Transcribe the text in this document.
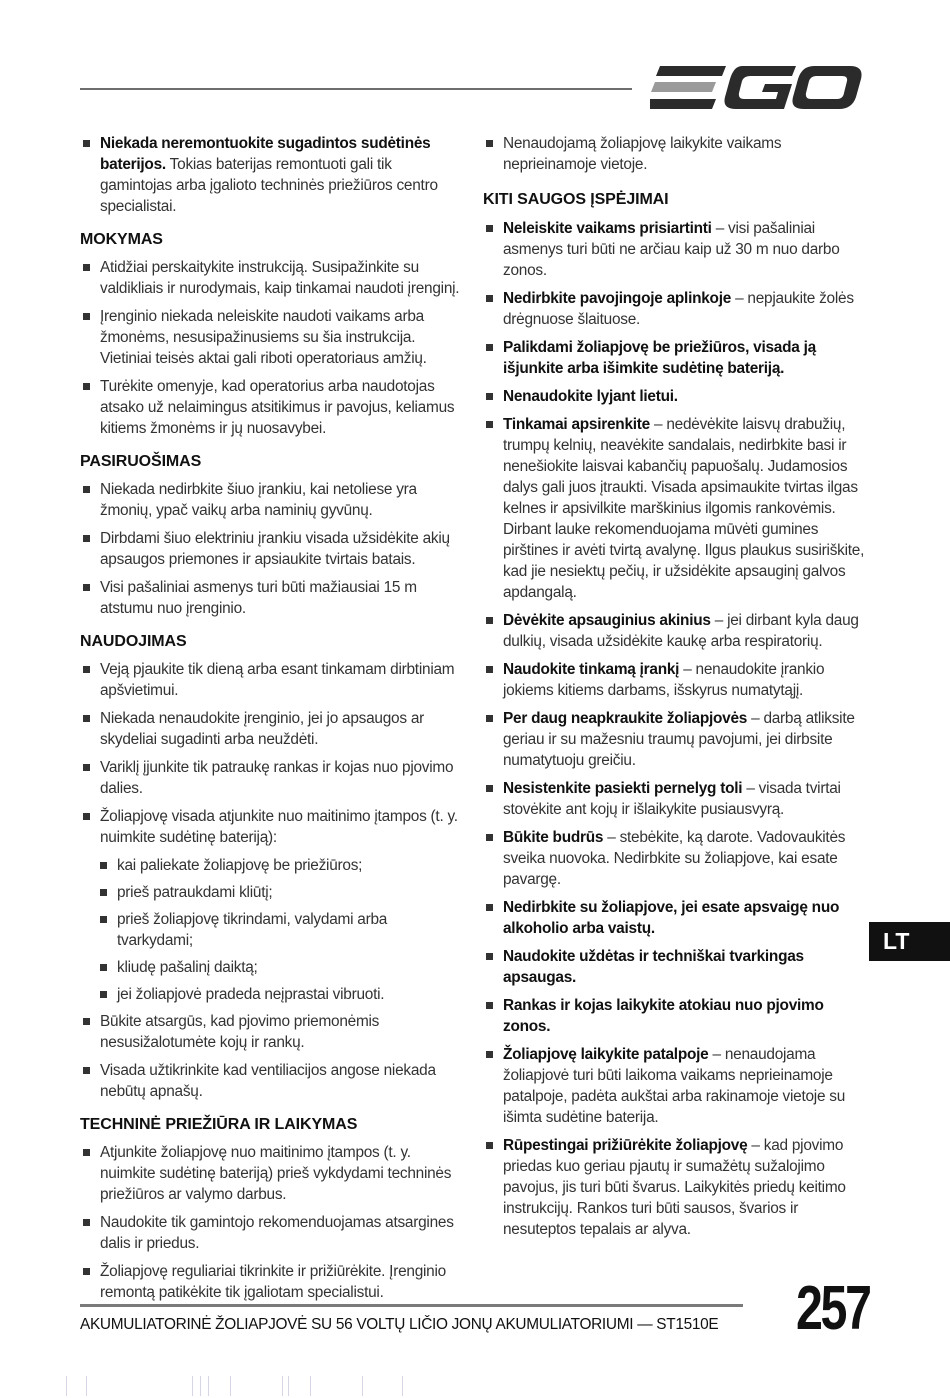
Niekada neremontuokite sugadintos sudėtinės baterijos. Tokias baterijas remontuoti gali tik gamintojas arba įgalioto techninės priežiūros centro specialistai.
MOKYMAS
Atidžiai perskaitykite instrukciją. Susipažinkite su valdikliais ir nurodymais, kaip tinkamai naudoti įrenginį.
Įrenginio niekada neleiskite naudoti vaikams arba žmonėms, nesusipažinusiems su šia instrukcija. Vietiniai teisės aktai gali riboti operatoriaus amžių.
Turėkite omenyje, kad operatorius arba naudotojas atsako už nelaimingus atsitikimus ir pavojus, keliamus kitiems žmonėms ir jų nuosavybei.
PASIRUOŠIMAS
Niekada nedirbkite šiuo įrankiu, kai netoliese yra žmonių, ypač vaikų arba naminių gyvūnų.
Dirbdami šiuo elektriniu įrankiu visada užsidėkite akių apsaugos priemones ir apsiaukite tvirtais batais.
Visi pašaliniai asmenys turi būti mažiausiai 15 m atstumu nuo įrenginio.
NAUDOJIMAS
Veją pjaukite tik dieną arba esant tinkamam dirbtiniam apšvietimui.
Niekada nenaudokite įrenginio, jei jo apsaugos ar skydeliai sugadinti arba neuždėti.
Variklį įjunkite tik patraukę rankas ir kojas nuo pjovimo dalies.
Žoliapjovę visada atjunkite nuo maitinimo įtampos (t. y. nuimkite sudėtinę bateriją):
kai paliekate žoliapjovę be priežiūros;
prieš patraukdami kliūtį;
prieš žoliapjovę tikrindami, valydami arba tvarkydami;
kliudę pašalinį daiktą;
jei žoliapjovė pradeda neįprastai vibruoti.
Būkite atsargūs, kad pjovimo priemonėmis nesusižalotumėte kojų ir rankų.
Visada užtikrinkite kad ventiliacijos angose niekada nebūtų apnašų.
TECHNINĖ PRIEŽIŪRA IR LAIKYMAS
Atjunkite žoliapjovę nuo maitinimo įtampos (t. y. nuimkite sudėtinę bateriją) prieš vykdydami techninės priežiūros ar valymo darbus.
Naudokite tik gamintojo rekomenduojamas atsargines dalis ir priedus.
Žoliapjovę reguliariai tikrinkite ir prižiūrėkite. Įrenginio remontą patikėkite tik įgaliotam specialistui.
Nenaudojamą žoliapjovę laikykite vaikams neprieinamoje vietoje.
KITI SAUGOS ĮSPĖJIMAI
Neleiskite vaikams prisiartinti – visi pašaliniai asmenys turi būti ne arčiau kaip už 30 m nuo darbo zonos.
Nedirbkite pavojingoje aplinkoje – nepjaukite žolės drėgnuose šlaituose.
Palikdami žoliapjovę be priežiūros, visada ją išjunkite arba išimkite sudėtinę bateriją.
Nenaudokite lyjant lietui.
Tinkamai apsirenkite – nedėvėkite laisvų drabužių, trumpų kelnių, neavėkite sandalais, nedirbkite basi ir nenešiokite laisvai kabančių papuošalų. Judamosios dalys gali juos įtraukti. Visada apsimaukite tvirtas ilgas kelnes ir apsivilkite marškinius ilgomis rankovėmis. Dirbant lauke rekomenduojama mūvėti gumines pirštines ir avėti tvirtą avalynę. Ilgus plaukus susiriškite, kad jie nesiektų pečių, ir užsidėkite apsauginį galvos apdangalą.
Dėvėkite apsauginius akinius – jei dirbant kyla daug dulkių, visada užsidėkite kaukę arba respiratorių.
Naudokite tinkamą įrankį – nenaudokite įrankio jokiems kitiems darbams, išskyrus numatytąjį.
Per daug neapkraukite žoliapjovės – darbą atliksite geriau ir su mažesniu traumų pavojumi, jei dirbsite numatytuoju greičiu.
Nesistenkite pasiekti pernelyg toli – visada tvirtai stovėkite ant kojų ir išlaikykite pusiausvyrą.
Būkite budrūs – stebėkite, ką darote. Vadovaukitės sveika nuovoka. Nedirbkite su žoliapjove, kai esate pavargę.
Nedirbkite su žoliapjove, jei esate apsvaigę nuo alkoholio arba vaistų.
Naudokite uždėtas ir techniškai tvarkingas apsaugas.
Rankas ir kojas laikykite atokiau nuo pjovimo zonos.
Žoliapjovę laikykite patalpoje – nenaudojama žoliapjovė turi būti laikoma vaikams neprieinamoje patalpoje, padėta aukštai arba rakinamoje vietoje su išimta sudėtine baterija.
Rūpestingai prižiūrėkite žoliapjovę – kad pjovimo priedas kuo geriau pjautų ir sumažėtų sužalojimo pavojus, jis turi būti švarus. Laikykitės priedų keitimo instrukcijų. Rankos turi būti sausos, švarios ir nesuteptos tepalais ar alyva.
LT
AKUMULIATORINĖ ŽOLIAPJOVĖ SU 56 VOLTŲ LIČIO JONŲ AKUMULIATORIUMI — ST1510E	257
